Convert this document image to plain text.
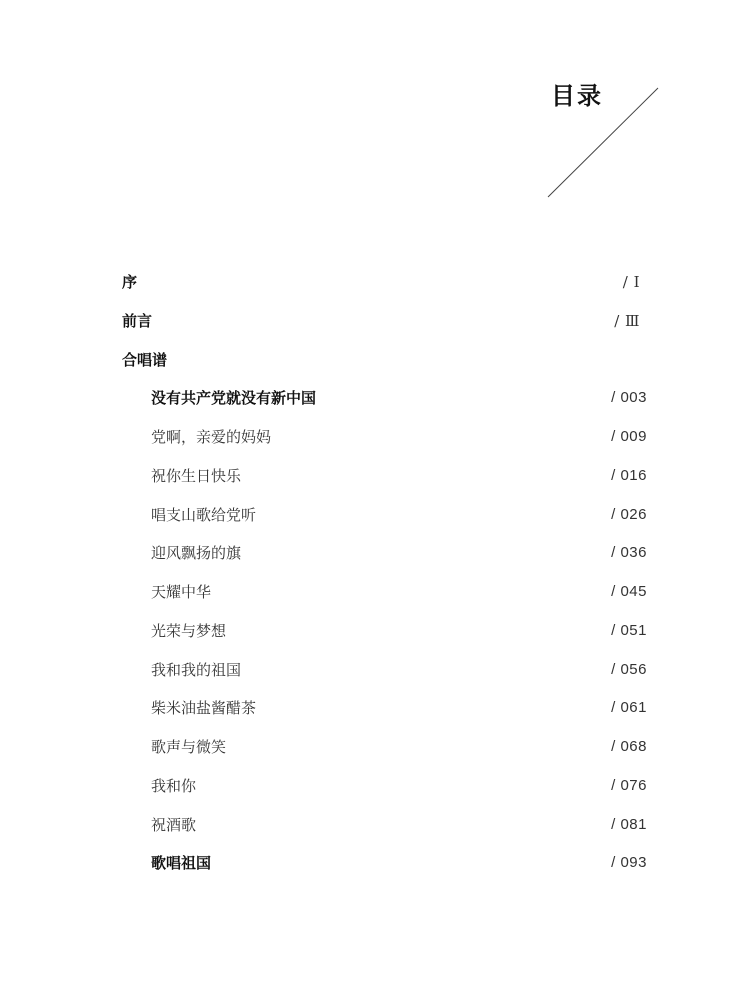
目录
序	/ Ⅰ
前言	/ Ⅲ
合唱谱
没有共产党就没有新中国	/ 003
党啊，亲爱的妈妈	/ 009
祝你生日快乐	/ 016
唱支山歌给党听	/ 026
迎风飘扬的旗	/ 036
天耀中华	/ 045
光荣与梦想	/ 051
我和我的祖国	/ 056
柴米油盐酱醋茶	/ 061
歌声与微笑	/ 068
我和你	/ 076
祝酒歌	/ 081
歌唱祖国	/ 093
